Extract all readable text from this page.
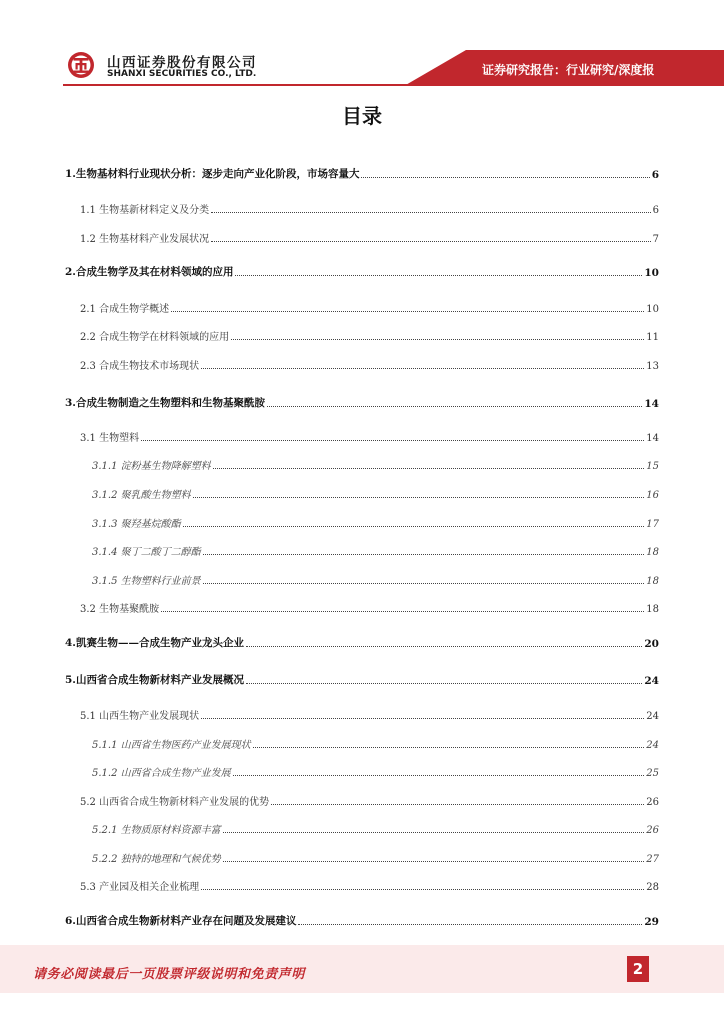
山西证券股份有限公司
SHANXI SECURITIES CO., LTD.	证券研究报告：行业研究/深度报
目录
1.生物基材料行业现状分析：逐步走向产业化阶段，市场容量大	6
1.1 生物基新材料定义及分类	6
1.2 生物基材料产业发展状况	7
2.合成生物学及其在材料领域的应用	10
2.1 合成生物学概述	10
2.2 合成生物学在材料领域的应用	11
2.3 合成生物技术市场现状	13
3.合成生物制造之生物塑料和生物基聚酰胺	14
3.1 生物塑料	14
3.1.1 淀粉基生物降解塑料	15
3.1.2 聚乳酸生物塑料	16
3.1.3 聚羟基烷酸酯	17
3.1.4 聚丁二酸丁二醇酯	18
3.1.5 生物塑料行业前景	18
3.2 生物基聚酰胺	18
4.凯赛生物——合成生物产业龙头企业	20
5.山西省合成生物新材料产业发展概况	24
5.1 山西生物产业发展现状	24
5.1.1 山西省生物医药产业发展现状	24
5.1.2 山西省合成生物产业发展	25
5.2 山西省合成生物新材料产业发展的优势	26
5.2.1 生物质原材料资源丰富	26
5.2.2 独特的地理和气候优势	27
5.3 产业园及相关企业梳理	28
6.山西省合成生物新材料产业存在问题及发展建议	29
请务必阅读最后一页股票评级说明和免责声明	2
